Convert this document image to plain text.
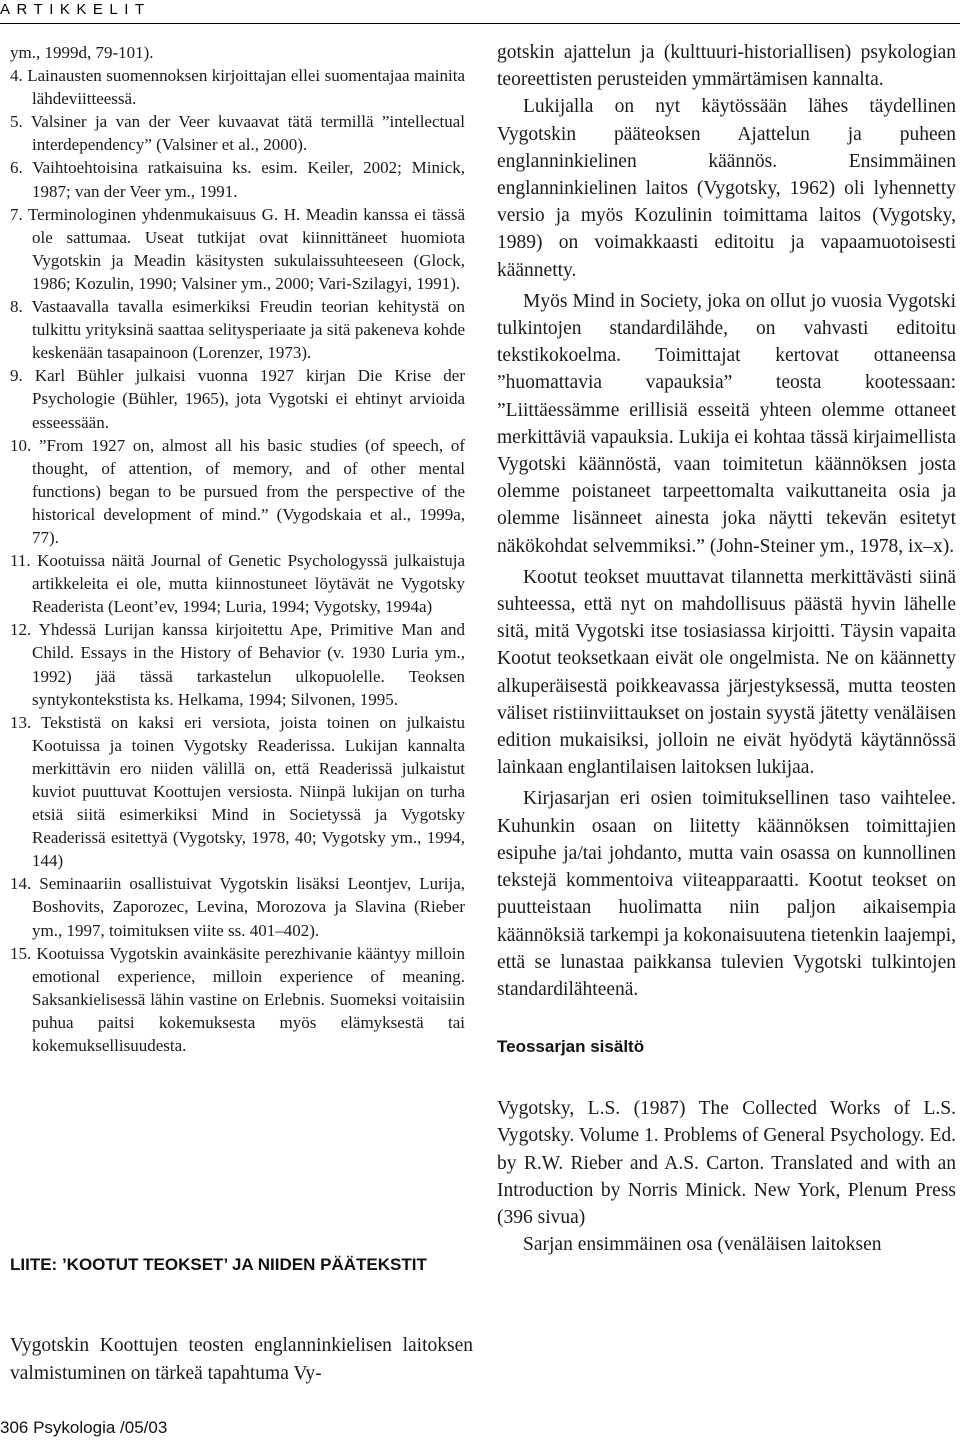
ARTIKKELIT

ym., 1999d, 79-101).

4. Lainausten suomennoksen kirjoittajan ellei suomentajaa mainita lähdeviitteessä.

5. Valsiner ja van der Veer kuvaavat tätä termillä ”intellectual interdependency” (Valsiner et al., 2000).

6. Vaihtoehtoisina ratkaisuina ks. esim. Keiler, 2002; Minick, 1987; van der Veer ym., 1991.

7. Terminologinen yhdenmukaisuus G. H. Meadin kanssa ei tässä ole sattumaa. Useat tutkijat ovat kiinnittäneet huomiota Vygotskin ja Meadin käsitysten sukulaissuhteeseen (Glock, 1986; Kozulin, 1990; Valsiner ym., 2000; Vari-Szilagyi, 1991).

8. Vastaavalla tavalla esimerkiksi Freudin teorian kehitystä on tulkittu yrityksinä saattaa selitysperiaate ja sitä pakeneva kohde keskenään tasapainoon (Lorenzer, 1973).

9. Karl Bühler julkaisi vuonna 1927 kirjan Die Krise der Psychologie (Bühler, 1965), jota Vygotski ei ehtinyt arvioida esseessään.

10. ”From 1927 on, almost all his basic studies (of speech, of thought, of attention, of memory, and of other mental functions) began to be pursued from the perspective of the historical development of mind.” (Vygodskaia et al., 1999a, 77).

11. Kootuissa näitä Journal of Genetic Psychologyssä julkaistuja artikkeleita ei ole, mutta kiinnostuneet löytävät ne Vygotsky Readerista (Leont’ev, 1994; Luria, 1994; Vygotsky, 1994a)

12. Yhdessä Lurijan kanssa kirjoitettu Ape, Primitive Man and Child. Essays in the History of Behavior (v. 1930 Luria ym., 1992) jää tässä tarkastelun ulkopuolelle. Teoksen syntykontekstista ks. Helkama, 1994; Silvonen, 1995.

13. Tekstistä on kaksi eri versiota, joista toinen on julkaistu Kootuissa ja toinen Vygotsky Readerissa. Lukijan kannalta merkittävin ero niiden välillä on, että Readerissä julkaistut kuviot puuttuvat Koottujen versiosta. Niinpä lukijan on turha etsiä siitä esimerkiksi Mind in Societyssä ja Vygotsky Readerissä esitettyä (Vygotsky, 1978, 40; Vygotsky ym., 1994, 144)

14. Seminaariin osallistuivat Vygotskin lisäksi Leontjev, Lurija, Boshovits, Zaporozec, Levina, Morozova ja Slavina (Rieber ym., 1997, toimituksen viite ss. 401–402).

15. Kootuissa Vygotskin avainkäsite perezhivanie kääntyy milloin emotional experience, milloin experience of meaning. Saksankielisessä lähin vastine on Erlebnis. Suomeksi voitaisiin puhua paitsi kokemuksesta myös elämyksestä tai kokemuksellisuudesta.

LIITE: ’KOOTUT TEOKSET’ JA NIIDEN PÄÄTEKSTIT

Vygotskin Koottujen teosten englanninkielisen laitoksen valmistuminen on tärkeä tapahtuma Vy-

306 Psykologia /05/03

gotskin ajattelun ja (kulttuuri-historiallisen) psykologian teoreettisten perusteiden ymmärtämisen kannalta.

Lukijalla on nyt käytössään lähes täydellinen Vygotskin pääteoksen Ajattelun ja puheen englanninkielinen käännös. Ensimmäinen englanninkielinen laitos (Vygotsky, 1962) oli lyhennetty versio ja myös Kozulinin toimittama laitos (Vygotsky, 1989) on voimakkaasti editoitu ja vapaamuotoisesti käännetty.

Myös Mind in Society, joka on ollut jo vuosia Vygotski tulkintojen standardilähde, on vahvasti editoitu tekstikokoelma. Toimittajat kertovat ottaneensa ”huomattavia vapauksia” teosta kootessaan: ”Liittäessämme erillisiä esseitä yhteen olemme ottaneet merkittäviä vapauksia. Lukija ei kohtaa tässä kirjaimellista Vygotski käännöstä, vaan toimitetun käännöksen josta olemme poistaneet tarpeettomalta vaikuttaneita osia ja olemme lisänneet ainesta joka näytti tekevän esitetyt näkökohdat selvemmiksi.” (John-Steiner ym., 1978, ix–x).

Kootut teokset muuttavat tilannetta merkittävästi siinä suhteessa, että nyt on mahdollisuus päästä hyvin lähelle sitä, mitä Vygotski itse tosiasiassa kirjoitti. Täysin vapaita Kootut teoksetkaan eivät ole ongelmista. Ne on käännetty alkuperäisestä poikkeavassa järjestyksessä, mutta teosten väliset ristiinviittaukset on jostain syystä jätetty venäläisen edition mukaisiksi, jolloin ne eivät hyödytä käytännössä lainkaan englantilaisen laitoksen lukijaa.

Kirjasarjan eri osien toimituksellinen taso vaihtelee. Kuhunkin osaan on liitetty käännöksen toimittajien esipuhe ja/tai johdanto, mutta vain osassa on kunnollinen tekstejä kommentoiva viiteapparaatti. Kootut teokset on puutteistaan huolimatta niin paljon aikaisempia käännöksiä tarkempi ja kokonaisuutena tietenkin laajempi, että se lunastaa paikkansa tulevien Vygotski tulkintojen standardilähteenä.

Teossarjan sisältö

Vygotsky, L.S. (1987) The Collected Works of L.S. Vygotsky. Volume 1. Problems of General Psychology. Ed. by R.W. Rieber and A.S. Carton. Translated and with an Introduction by Norris Minick. New York, Plenum Press (396 sivua)

Sarjan ensimmäinen osa (venäläisen laitoksen
